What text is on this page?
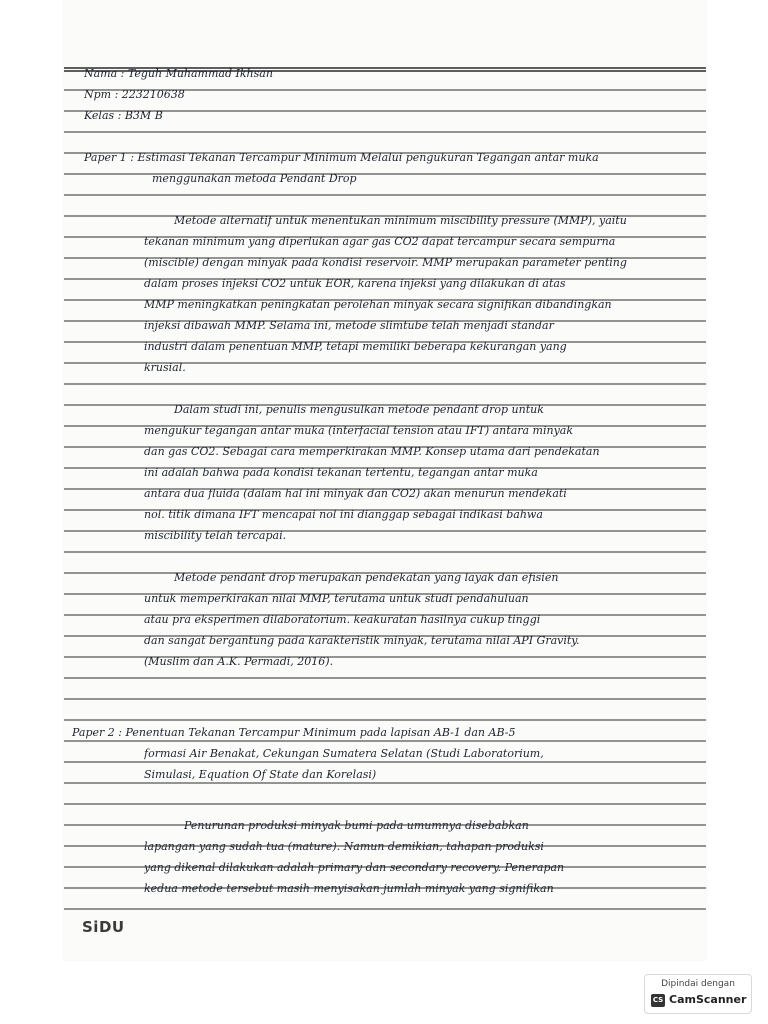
Nama : Teguh Muhammad Ikhsan
Npm : 223210638
Kelas : B3M B
Paper 1 : Estimasi Tekanan Tercampur Minimum Melalui pengukuran Tegangan antar muka
menggunakan metoda Pendant Drop
Metode alternatif untuk menentukan minimum miscibility pressure (MMP), yaitu
tekanan minimum yang diperlukan agar gas CO2 dapat tercampur secara sempurna
(miscible) dengan minyak pada kondisi reservoir. MMP merupakan parameter penting
dalam proses injeksi CO2 untuk EOR, karena injeksi yang dilakukan di atas
MMP meningkatkan peningkatan perolehan minyak secara signifikan dibandingkan
injeksi dibawah MMP. Selama ini, metode slimtube telah menjadi standar
industri dalam penentuan MMP, tetapi memiliki beberapa kekurangan yang
krusial.
Dalam studi ini, penulis mengusulkan metode pendant drop untuk
mengukur tegangan antar muka (interfacial tension atau IFT) antara minyak
dan gas CO2. Sebagai cara memperkirakan MMP. Konsep utama dari pendekatan
ini adalah bahwa pada kondisi tekanan tertentu, tegangan antar muka
antara dua fluida (dalam hal ini minyak dan CO2) akan menurun mendekati
nol. titik dimana IFT mencapai nol ini dianggap sebagai indikasi bahwa
miscibility telah tercapai.
Metode pendant drop merupakan pendekatan yang layak dan efisien
untuk memperkirakan nilai MMP, terutama untuk studi pendahuluan
atau pra eksperimen dilaboratorium. keakuratan hasilnya cukup tinggi
dan sangat bergantung pada karakteristik minyak, terutama nilai API Gravity.
(Muslim dan A.K. Permadi, 2016).
Paper 2 : Penentuan Tekanan Tercampur Minimum pada lapisan AB-1 dan AB-5
formasi Air Benakat, Cekungan Sumatera Selatan (Studi Laboratorium,
Simulasi, Equation Of State dan Korelasi)
Penurunan produksi minyak bumi pada umumnya disebabkan
lapangan yang sudah tua (mature). Namun demikian, tahapan produksi
yang dikenal dilakukan adalah primary dan secondary recovery. Penerapan
kedua metode tersebut masih menyisakan jumlah minyak yang signifikan
SiDU
Dipindai dengan
CS CamScanner
